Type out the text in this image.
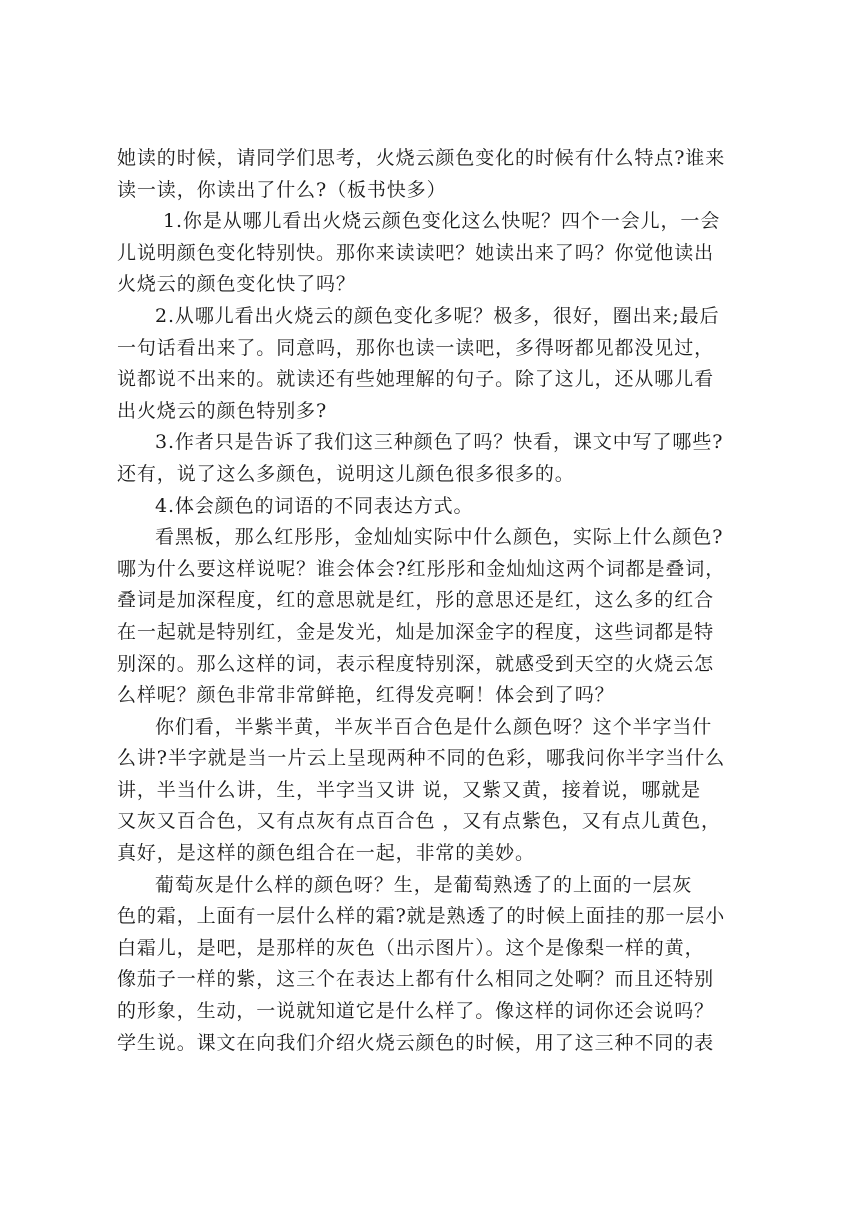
她读的时候，请同学们思考，火烧云颜色变化的时候有什么特点?谁来
读一读，你读出了什么?（板书快多）
1.你是从哪儿看出火烧云颜色变化这么快呢？四个一会儿，一会
儿说明颜色变化特别快。那你来读读吧？她读出来了吗？你觉他读出
火烧云的颜色变化快了吗？
2.从哪儿看出火烧云的颜色变化多呢？极多，很好，圈出来;最后
一句话看出来了。同意吗，那你也读一读吧，多得呀都见都没见过，
说都说不出来的。就读还有些她理解的句子。除了这儿，还从哪儿看
出火烧云的颜色特别多?
3.作者只是告诉了我们这三种颜色了吗？快看，课文中写了哪些?
还有，说了这么多颜色，说明这儿颜色很多很多的。
4.体会颜色的词语的不同表达方式。
看黑板，那么红彤彤，金灿灿实际中什么颜色，实际上什么颜色?
哪为什么要这样说呢？谁会体会?红彤彤和金灿灿这两个词都是叠词，
叠词是加深程度，红的意思就是红，彤的意思还是红，这么多的红合
在一起就是特别红，金是发光，灿是加深金字的程度，这些词都是特
别深的。那么这样的词，表示程度特别深，就感受到天空的火烧云怎
么样呢？颜色非常非常鲜艳，红得发亮啊！体会到了吗？
你们看，半紫半黄，半灰半百合色是什么颜色呀？这个半字当什
么讲?半字就是当一片云上呈现两种不同的色彩，哪我问你半字当什么
讲，半当什么讲，生，半字当又讲 说，又紫又黄，接着说，哪就是
又灰又百合色，又有点灰有点百合色 ，又有点紫色，又有点儿黄色，
真好，是这样的颜色组合在一起，非常的美妙。
葡萄灰是什么样的颜色呀？生，是葡萄熟透了的上面的一层灰
色的霜，上面有一层什么样的霜?就是熟透了的时候上面挂的那一层小
白霜儿，是吧，是那样的灰色（出示图片）。这个是像梨一样的黄，
像茄子一样的紫，这三个在表达上都有什么相同之处啊？而且还特别
的形象，生动，一说就知道它是什么样了。像这样的词你还会说吗？
学生说。课文在向我们介绍火烧云颜色的时候，用了这三种不同的表
